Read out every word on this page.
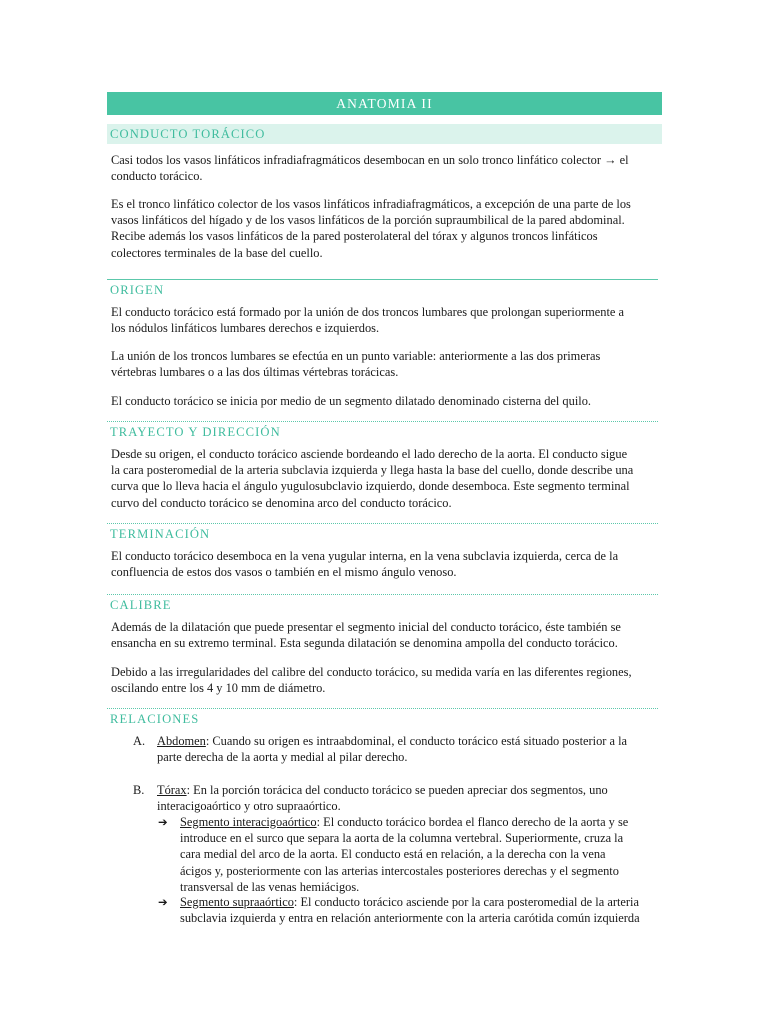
ANATOMIA II
CONDUCTO TORÁCICO
Casi todos los vasos linfáticos infradiafragmáticos desembocan en un solo tronco linfático colector → el
conducto torácico.
Es el tronco linfático colector de los vasos linfáticos infradiafragmáticos, a excepción de una parte de los
vasos linfáticos del hígado y de los vasos linfáticos de la porción supraumbilical de la pared abdominal.
Recibe además los vasos linfáticos de la pared posterolateral del tórax y algunos troncos linfáticos
colectores terminales de la base del cuello.
ORIGEN
El conducto torácico está formado por la unión de dos troncos lumbares que prolongan superiormente a
los nódulos linfáticos lumbares derechos e izquierdos.
La unión de los troncos lumbares se efectúa en un punto variable: anteriormente a las dos primeras
vértebras lumbares o a las dos últimas vértebras torácicas.
El conducto torácico se inicia por medio de un segmento dilatado denominado cisterna del quilo.
TRAYECTO Y DIRECCIÓN
Desde su origen, el conducto torácico asciende bordeando el lado derecho de la aorta. El conducto sigue
la cara posteromedial de la arteria subclavia izquierda y llega hasta la base del cuello, donde describe una
curva que lo lleva hacia el ángulo yugulosubclavio izquierdo, donde desemboca. Este segmento terminal
curvo del conducto torácico se denomina arco del conducto torácico.
TERMINACIÓN
El conducto torácico desemboca en la vena yugular interna, en la vena subclavia izquierda, cerca de la
confluencia de estos dos vasos o también en el mismo ángulo venoso.
CALIBRE
Además de la dilatación que puede presentar el segmento inicial del conducto torácico, éste también se
ensancha en su extremo terminal. Esta segunda dilatación se denomina ampolla del conducto torácico.
Debido a las irregularidades del calibre del conducto torácico, su medida varía en las diferentes regiones,
oscilando entre los 4 y 10 mm de diámetro.
RELACIONES
A. Abdomen: Cuando su origen es intraabdominal, el conducto torácico está situado posterior a la
parte derecha de la aorta y medial al pilar derecho.
B. Tórax: En la porción torácica del conducto torácico se pueden apreciar dos segmentos, uno
interacigoaórtico y otro supraaórtico.
➔ Segmento interacigoaórtico: El conducto torácico bordea el flanco derecho de la aorta y se
introduce en el surco que separa la aorta de la columna vertebral. Superiormente, cruza la
cara medial del arco de la aorta. El conducto está en relación, a la derecha con la vena
ácigos y, posteriormente con las arterias intercostales posteriores derechas y el segmento
transversal de las venas hemiácigos.
➔ Segmento supraaórtico: El conducto torácico asciende por la cara posteromedial de la arteria
subclavia izquierda y entra en relación anteriormente con la arteria carótida común izquierda
